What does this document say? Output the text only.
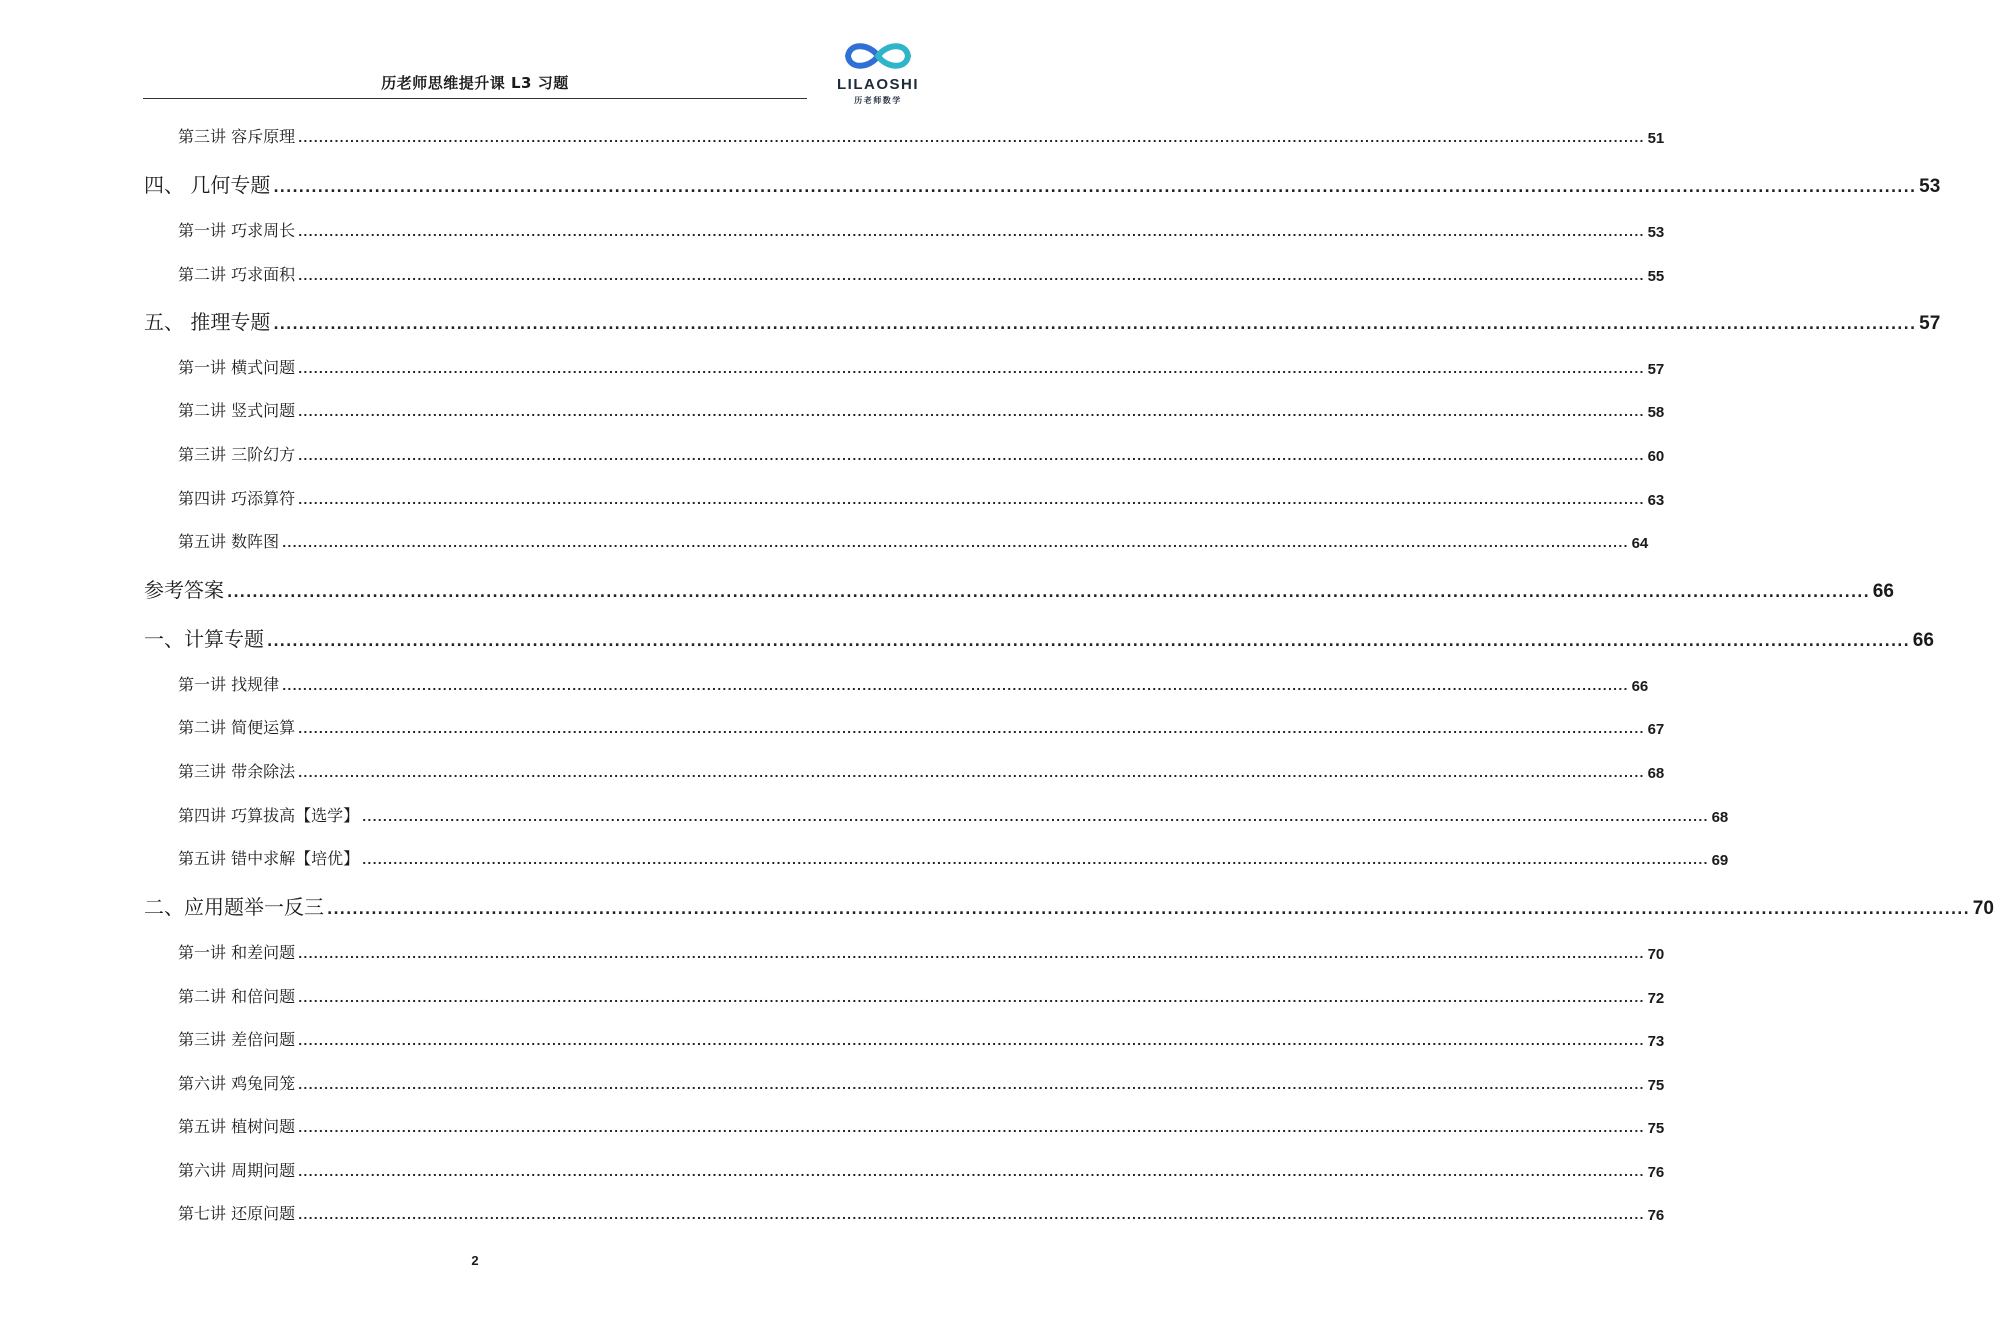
历老师思维提升课 L3 习题	LILAOSHI
历老师数学
第三讲 容斥原理 .................................................................................................................................................................................................................................................................... 51
四、 几何专题 .................................................................................................................................................................................................................................................................... 53
第一讲 巧求周长 .................................................................................................................................................................................................................................................................... 53
第二讲 巧求面积 .................................................................................................................................................................................................................................................................... 55
五、 推理专题 .................................................................................................................................................................................................................................................................... 57
第一讲 横式问题 .................................................................................................................................................................................................................................................................... 57
第二讲 竖式问题 .................................................................................................................................................................................................................................................................... 58
第三讲 三阶幻方 .................................................................................................................................................................................................................................................................... 60
第四讲 巧添算符 .................................................................................................................................................................................................................................................................... 63
第五讲 数阵图 .................................................................................................................................................................................................................................................................... 64
参考答案 .................................................................................................................................................................................................................................................................... 66
一、计算专题 .................................................................................................................................................................................................................................................................... 66
第一讲 找规律 .................................................................................................................................................................................................................................................................... 66
第二讲 简便运算 .................................................................................................................................................................................................................................................................... 67
第三讲 带余除法 .................................................................................................................................................................................................................................................................... 68
第四讲 巧算拔高【选学】 .................................................................................................................................................................................................................................................................... 68
第五讲 错中求解【培优】 .................................................................................................................................................................................................................................................................... 69
二、应用题举一反三 .................................................................................................................................................................................................................................................................... 70
第一讲 和差问题 .................................................................................................................................................................................................................................................................... 70
第二讲 和倍问题 .................................................................................................................................................................................................................................................................... 72
第三讲 差倍问题 .................................................................................................................................................................................................................................................................... 73
第六讲 鸡兔同笼 .................................................................................................................................................................................................................................................................... 75
第五讲 植树问题 .................................................................................................................................................................................................................................................................... 75
第六讲 周期问题 .................................................................................................................................................................................................................................................................... 76
第七讲 还原问题 .................................................................................................................................................................................................................................................................... 76
2
